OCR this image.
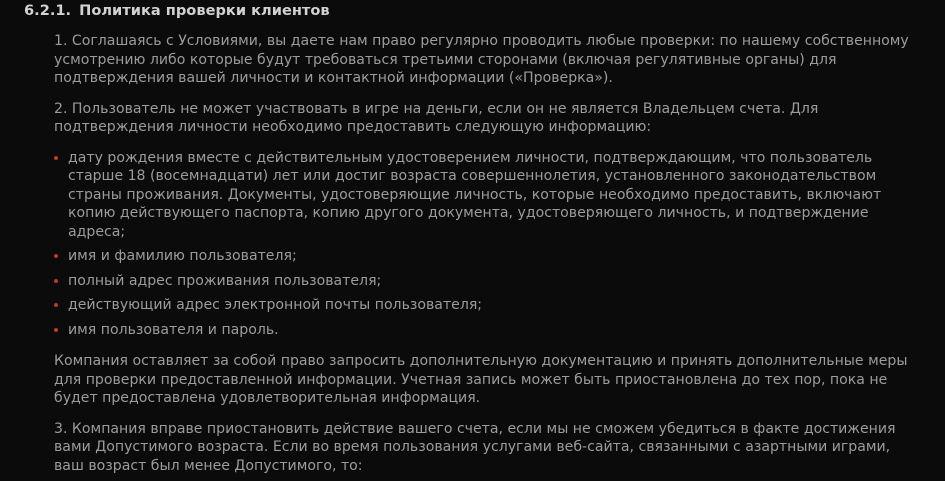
6.2.1. Политика проверки клиентов

1. Соглашаясь с Условиями, вы даете нам право регулярно проводить любые проверки: по нашему собственному усмотрению либо которые будут требоваться третьими сторонами (включая регулятивные органы) для подтверждения вашей личности и контактной информации («Проверка»).

2. Пользователь не может участвовать в игре на деньги, если он не является Владельцем счета. Для подтверждения личности необходимо предоставить следующую информацию:

дату рождения вместе с действительным удостоверением личности, подтверждающим, что пользователь старше 18 (восемнадцати) лет или достиг возраста совершеннолетия, установленного законодательством страны проживания. Документы, удостоверяющие личность, которые необходимо предоставить, включают копию действующего паспорта, копию другого документа, удостоверяющего личность, и подтверждение адреса;
имя и фамилию пользователя;
полный адрес проживания пользователя;
действующий адрес электронной почты пользователя;
имя пользователя и пароль.

Компания оставляет за собой право запросить дополнительную документацию и принять дополнительные меры для проверки предоставленной информации. Учетная запись может быть приостановлена до тех пор, пока не будет предоставлена удовлетворительная информация.

3. Компания вправе приостановить действие вашего счета, если мы не сможем убедиться в факте достижения вами Допустимого возраста. Если во время пользования услугами веб-сайта, связанными с азартными играми, ваш возраст был менее Допустимого, то:
